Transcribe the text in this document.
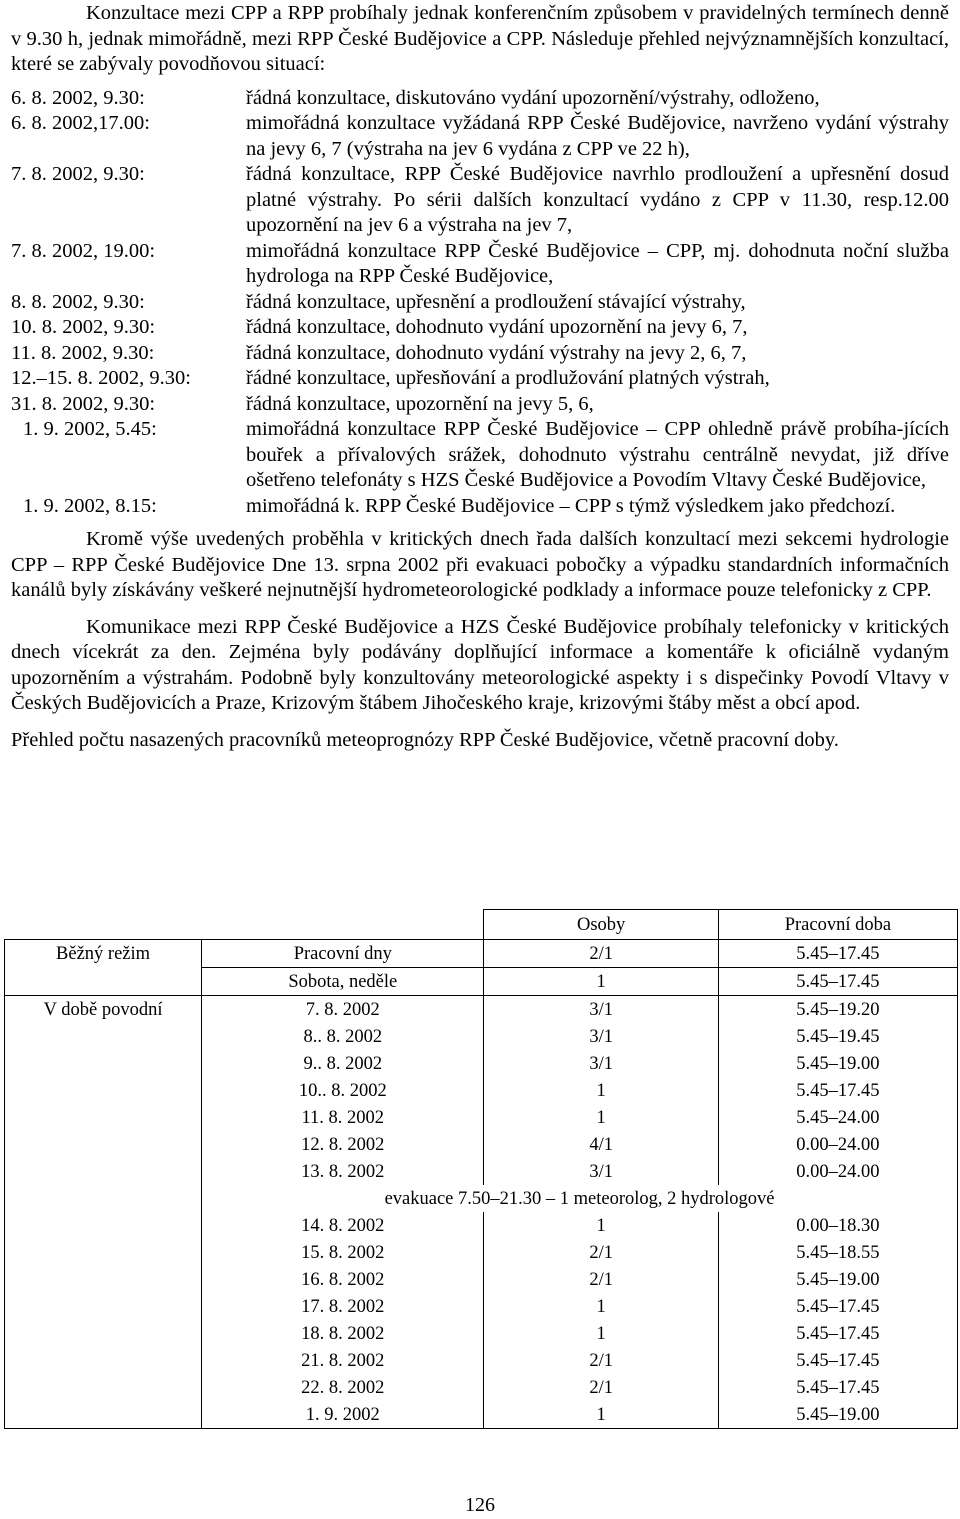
Konzultace mezi CPP a RPP probíhaly jednak konferenčním způsobem v pravidelných termínech denně v 9.30 h, jednak mimořádně, mezi RPP České Budějovice a CPP. Následuje přehled nejvýznamnějších konzultací, které se zabývaly povodňovou situací:

6. 8. 2002, 9.30:	řádná konzultace, diskutováno vydání upozornění/výstrahy, odloženo,
6. 8. 2002,17.00:	mimořádná konzultace vyžádaná RPP České Budějovice, navrženo vydání výstrahy na jevy 6, 7 (výstraha na jev 6 vydána z CPP ve 22 h),
7. 8. 2002, 9.30:	řádná konzultace, RPP České Budějovice navrhlo prodloužení a upřesnění dosud platné výstrahy. Po sérii dalších konzultací vydáno z CPP v 11.30, resp.12.00 upozornění na jev 6 a výstraha na jev 7,
7. 8. 2002, 19.00:	mimořádná konzultace RPP České Budějovice – CPP, mj. dohodnuta noční služba hydrologa na RPP České Budějovice,
8. 8. 2002, 9.30:	řádná konzultace, upřesnění a prodloužení stávající výstrahy,
10. 8. 2002, 9.30:	řádná konzultace, dohodnuto vydání upozornění na jevy 6, 7,
11. 8. 2002, 9.30:	řádná konzultace, dohodnuto vydání výstrahy na jevy 2, 6, 7,
12.–15. 8. 2002, 9.30:	řádné konzultace, upřesňování a prodlužování platných výstrah,
31. 8. 2002, 9.30:	řádná konzultace, upozornění na jevy 5, 6,
1. 9. 2002, 5.45:	mimořádná konzultace RPP České Budějovice – CPP ohledně právě probíha-jících bouřek a přívalových srážek, dohodnuto výstrahu centrálně nevydat, již dříve ošetřeno telefonáty s HZS České Budějovice a Povodím Vltavy České Budějovice,
1. 9. 2002, 8.15:	mimořádná k. RPP České Budějovice – CPP s týmž výsledkem jako předchozí.

Kromě výše uvedených proběhla v kritických dnech řada dalších konzultací mezi sekcemi hydrologie CPP – RPP České Budějovice Dne 13. srpna 2002 při evakuaci pobočky a výpadku standardních informačních kanálů byly získávány veškeré nejnutnější hydrometeorologické podklady a informace pouze telefonicky z CPP.

Komunikace mezi RPP České Budějovice a HZS České Budějovice probíhaly telefonicky v kritických dnech vícekrát za den. Zejména byly podávány doplňující informace a komentáře k oficiálně vydaným upozorněním a výstrahám. Podobně byly konzultovány meteorologické aspekty i s dispečinky Povodí Vltavy v Českých Budějovicích a Praze, Krizovým štábem Jihočeského kraje, krizovými štáby měst a obcí apod.

Přehled počtu nasazených pracovníků meteoprognózy RPP České Budějovice, včetně pracovní doby.

		Osoby	Pracovní doba
Běžný režim	Pracovní dny	2/1	5.45–17.45
	Sobota, neděle	1	5.45–17.45
V době povodní	7. 8. 2002	3/1	5.45–19.20
	8.. 8. 2002	3/1	5.45–19.45
	9.. 8. 2002	3/1	5.45–19.00
	10.. 8. 2002	1	5.45–17.45
	11. 8. 2002	1	5.45–24.00
	12. 8. 2002	4/1	0.00–24.00
	13. 8. 2002	3/1	0.00–24.00
	evakuace 7.50–21.30 – 1 meteorolog, 2 hydrologové		
	14. 8. 2002	1	0.00–18.30
	15. 8. 2002	2/1	5.45–18.55
	16. 8. 2002	2/1	5.45–19.00
	17. 8. 2002	1	5.45–17.45
	18. 8. 2002	1	5.45–17.45
	21. 8. 2002	2/1	5.45–17.45
	22. 8. 2002	2/1	5.45–17.45
	1. 9. 2002	1	5.45–19.00
126
